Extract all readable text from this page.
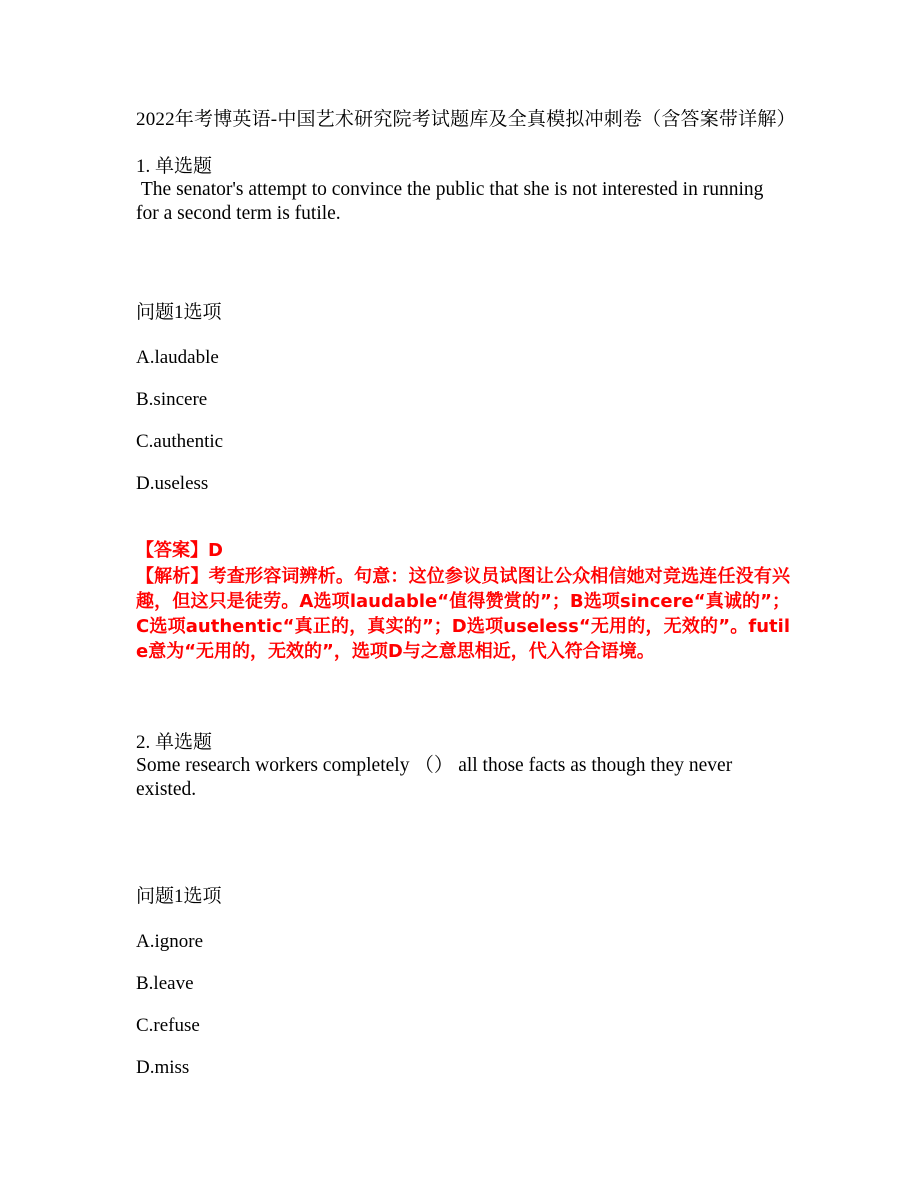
2022年考博英语-中国艺术研究院考试题库及全真模拟冲刺卷（含答案带详解）
1. 单选题
The senator's attempt to convince the public that she is not interested in running for a second term is futile.
问题1选项
A.laudable
B.sincere
C.authentic
D.useless
【答案】D
【解析】考查形容词辨析。句意：这位参议员试图让公众相信她对竞选连任没有兴趣，但这只是徒劳。A选项laudable“值得赞赏的”；B选项sincere“真诚的”；C选项authentic“真正的，真实的”；D选项useless“无用的，无效的”。futile意为“无用的，无效的”，选项D与之意思相近，代入符合语境。
2. 单选题
Some research workers completely （） all those facts as though they never existed.
问题1选项
A.ignore
B.leave
C.refuse
D.miss
